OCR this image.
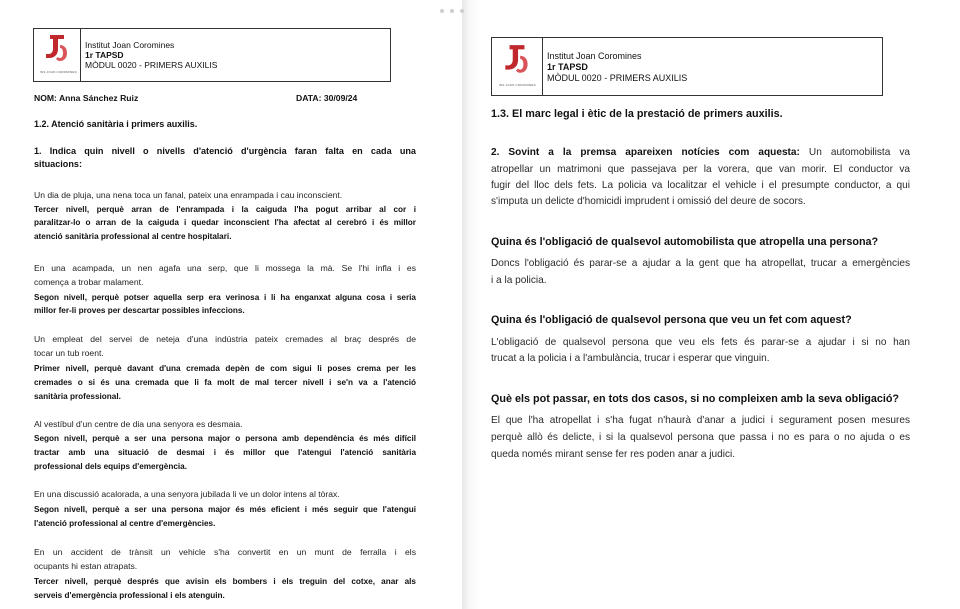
INS JOAN COROMINES
Institut Joan Coromines
1r TAPSD
MÒDUL 0020 - PRIMERS AUXILIS
INS JOAN COROMINES
Institut Joan Coromines
1r TAPSD
MÒDUL 0020 - PRIMERS AUXILIS
NOM: Anna Sánchez Ruiz	DATA: 30/09/24
1.2. Atenció sanitària i primers auxilis.
1. Indica quin nivell o nivells d'atenció d'urgència faran falta en cada una
situacions:
Un dia de pluja, una nena toca un fanal, pateix una enrampada i cau inconscient.
Tercer nivell, perquè arran de l'enrampada i la caiguda l'ha pogut arribar al cor i
paralitzar-lo o arran de la caiguda i quedar inconscient l'ha afectat al cerebró i és millor
atenció sanitària professional al centre hospitalari.
En una acampada, un nen agafa una serp, que li mossega la mà. Se l'hi infla i es
comença a trobar malament.
Segon nivell, perquè potser aquella serp era verinosa i li ha enganxat alguna cosa i seria
millor fer-li proves per descartar possibles infeccions.
Un empleat del servei de neteja d'una indústria pateix cremades al braç després de
tocar un tub roent.
Primer nivell, perquè davant d'una cremada depèn de com sigui li poses crema per les
cremades o si és una cremada que li fa molt de mal tercer nivell i se'n va a l'atenció
sanitària professional.
Al vestíbul d'un centre de dia una senyora es desmaia.
Segon nivell, perquè a ser una persona major o persona amb dependència és més difícil
tractar amb una situació de desmai i és millor que l'atengui l'atenció sanitària
professional dels equips d'emergència.
En una discussió acalorada, a una senyora jubilada li ve un dolor intens al tòrax.
Segon nivell, perquè a ser una persona major és més eficient i més seguir que l'atengui
l'atenció professional al centre d'emergències.
En un accident de trànsit un vehicle s'ha convertit en un munt de ferralla i els
ocupants hi estan atrapats.
Tercer nivell, perquè després que avisin els bombers i els treguin del cotxe, anar als
serveis d'emergència professional i els atenguin.
1.3. El marc legal i ètic de la prestació de primers auxilis.
2. Sovint a la premsa apareixen notícies com aquesta: Un automobilista va
atropellar un matrimoni que passejava per la vorera, que van morir. El conductor va
fugir del lloc dels fets. La policia va localitzar el vehicle i el presumpte conductor, a qui
s'imputa un delicte d'homicidi imprudent i omissió del deure de socors.
Quina és l'obligació de qualsevol automobilista que atropella una persona?
Doncs l'obligació és parar-se a ajudar a la gent que ha atropellat, trucar a emergències
i a la policia.
Quina és l'obligació de qualsevol persona que veu un fet com aquest?
L'obligació de qualsevol persona que veu els fets és parar-se a ajudar i si no han
trucat a la policia i a l'ambulància, trucar i esperar que vinguin.
Què els pot passar, en tots dos casos, si no compleixen amb la seva obligació?
El que l'ha atropellat i s'ha fugat n'haurà d'anar a judici i segurament posen mesures
perquè allò és delicte, i si la qualsevol persona que passa i no es para o no ajuda o es
queda només mirant sense fer res poden anar a judici.
